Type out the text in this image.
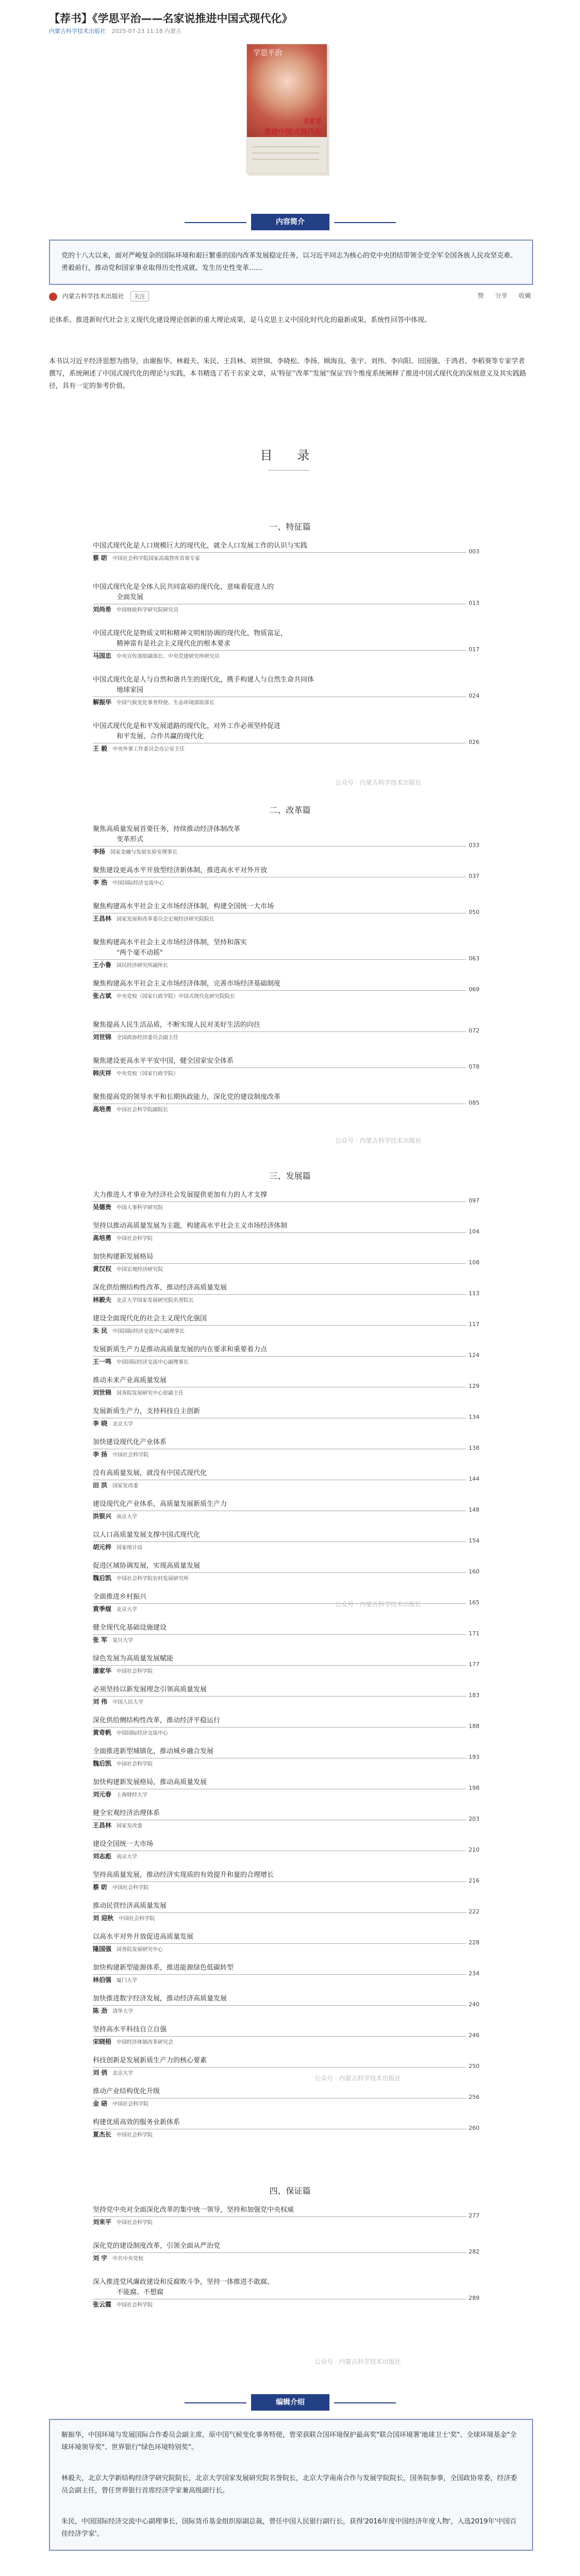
【荐书】《学思平治——名家说推进中国式现代化》
内蒙古科学技术出版社 2025-07-23 11:18 内蒙古
学思平治
名家说
推进中国式现代化
内容简介
党的十八大以来，面对严峻复杂的国际环境和艰巨繁重的国内改革发展稳定任务，以习近平同志为核心的党中央团结带领全党全军全国各族人民攻坚克难、勇毅前行，推动党和国家事业取得历史性成就、发生历史性变革……
内蒙古科学技术出版社 关注	赞 分享 收藏
论体系、推进新时代社会主义现代化建设理论创新的重大理论成果，是马克思主义中国化时代化的最新成果，系统性回答中体现。
本书以习近平经济思想为指导，由谢振华、林毅夫、朱民、王昌林、刘世锦、李晓松、李扬、顾海良、张宇、刘伟、李向阳、田国强、于鸿君、李稻葵等专家学者撰写，系统阐述了中国式现代化的理论与实践，本书精选了若干名家文章，从'特征''改革''发展''保证'四个维度系统阐释了推进中国式现代化的深刻意义及其实践路径，具有一定的参考价值。
目 录
一、特征篇
中国式现代化是人口规模巨大的现代化，就全人口发展工作的认识与实践
003
蔡 昉 中国社会科学院国家高端智库首席专家
中国式现代化是全体人民共同富裕的现代化，意味着促进人的
全面发展
013
刘尚希 中国财政科学研究院研究员
中国式现代化是物质文明和精神文明相协调的现代化，物质富足，
精神富有是社会主义现代化的根本要求
017
马国忠 中央宣传部原副部长、中央党建研究所研究员
中国式现代化是人与自然和谐共生的现代化，携手构建人与自然生命共同体
地球家园
024
解振华 中国气候变化事务特使、生态环境部原部长
中国式现代化是和平发展道路的现代化，对外工作必须坚持促进
和平发展、合作共赢的现代化
026
王 毅 中央外事工作委员会办公室主任
公众号 · 内蒙古科学技术出版社
二、改革篇
聚焦高质量发展首要任务，持续推动经济体制改革
变革形式
033
李扬 国家金融与发展实验室理事长
聚焦建设更高水平开放型经济新体制，推进高水平对外开放
037
李 浩 中国国际经济交流中心
聚焦构建高水平社会主义市场经济体制，构建全国统一大市场
050
王昌林 国家发展和改革委员会宏观经济研究院院长
聚焦构建高水平社会主义市场经济体制，坚持和落实
"两个毫不动摇"
063
王小鲁 国民经济研究所副所长
聚焦构建高水平社会主义市场经济体制，完善市场经济基础制度
069
张占斌 中央党校（国家行政学院）中国式现代化研究院院长
聚焦提高人民生活品质，不断实现人民对美好生活的向往
072
刘世锦 全国政协经济委员会副主任
聚焦建设更高水平平安中国，健全国家安全体系
078
韩庆祥 中央党校（国家行政学院）
聚焦提高党的领导水平和长期执政能力，深化党的建设制度改革
085
高培勇 中国社会科学院副院长
公众号 · 内蒙古科学技术出版社
三、发展篇
大力推进人才事业为经济社会发展提供更加有力的人才支撑
097
吴德贵 中国人事科学研究院
坚持以推动高质量发展为主题，构建高水平社会主义市场经济体制
104
高培勇 中国社会科学院
加快构建新发展格局
108
黄汉权 中国宏观经济研究院
深化供给侧结构性改革，推动经济高质量发展
113
林毅夫 北京大学国家发展研究院名誉院长
建设全面现代化的社会主义现代化强国
117
朱 民 中国国际经济交流中心副理事长
发展新质生产力是推动高质量发展的内在要求和重要着力点
124
王一鸣 中国国际经济交流中心副理事长
推动未来产业高质量发展
129
刘世锦 国务院发展研究中心原副主任
发展新质生产力，支持科技自主创新
134
李 晓 北京大学
加快建设现代化产业体系
138
李 扬 中国社会科学院
没有高质量发展，就没有中国式现代化
144
田 洪 国家发改委
建设现代化产业体系，高质量发展新质生产力
148
洪银兴 南京大学
以人口高质量发展支撑中国式现代化
154
胡元梓 国家统计局
促进区域协调发展，实现高质量发展
160
魏后凯 中国社会科学院农村发展研究所
全面推进乡村振兴
165
黄季焜 北京大学
健全现代化基础设施建设
171
张 军 复旦大学
绿色发展为高质量发展赋能
177
潘家华 中国社会科学院
必须坚持以新发展理念引领高质量发展
183
刘 伟 中国人民大学
深化供给侧结构性改革，推动经济平稳运行
188
黄奇帆 中国国际经济交流中心
全面推进新型城镇化，推动城乡融合发展
193
魏后凯 中国社会科学院
加快构建新发展格局，推动高质量发展
198
刘元春 上海财经大学
健全宏观经济治理体系
203
王昌林 国家发改委
建设全国统一大市场
210
刘志彪 南京大学
坚持高质量发展，推动经济实现质的有效提升和量的合理增长
216
蔡 昉 中国社会科学院
推动民营经济高质量发展
222
刘 迎秋 中国社会科学院
以高水平对外开放促进高质量发展
228
隆国强 国务院发展研究中心
加快构建新型能源体系，推进能源绿色低碳转型
234
林伯强 厦门大学
加快推进数字经济发展，推动经济高质量发展
240
陈 劲 清华大学
坚持高水平科技自立自强
246
宋晓梧 中国经济体制改革研究会
科技创新是发展新质生产力的核心要素
250
刘 俏 北京大学
推动产业结构优化升级
256
金 碚 中国社会科学院
构建优质高效的服务业新体系
260
夏杰长 中国社会科学院
公众号 · 内蒙古科学技术出版社
公众号 · 内蒙古科学技术出版社
四、保证篇
坚持党中央对全面深化改革的集中统一领导，坚持和加强党中央权威
277
刘来平 中国社会科学院
深化党的建设制度改革，引领全面从严治党
282
刘 宇 中共中央党校
深入推进党风廉政建设和反腐败斗争，坚持一体推进不敢腐、
不能腐、不想腐
289
张云霞 中国社会科学院
公众号 · 内蒙古科学技术出版社
编辑介绍
解振华，中国环境与发展国际合作委员会副主席，原中国气候变化事务特使，曾荣获联合国环境保护最高奖"联合国环境署'地球卫士'奖"、全球环境基金"全球环境领导奖"、世界银行"绿色环境特别奖"。
林毅夫，北京大学新结构经济学研究院院长，北京大学国家发展研究院名誉院长，北京大学南南合作与发展学院院长，国务院参事，全国政协常委，经济委员会副主任，曾任世界银行首席经济学家兼高级副行长。
朱民，中国国际经济交流中心副理事长，国际货币基金组织原副总裁，曾任中国人民银行副行长，获得'2016年度中国经济年度人物'，入选2019年'中国百佳经济学家'。
